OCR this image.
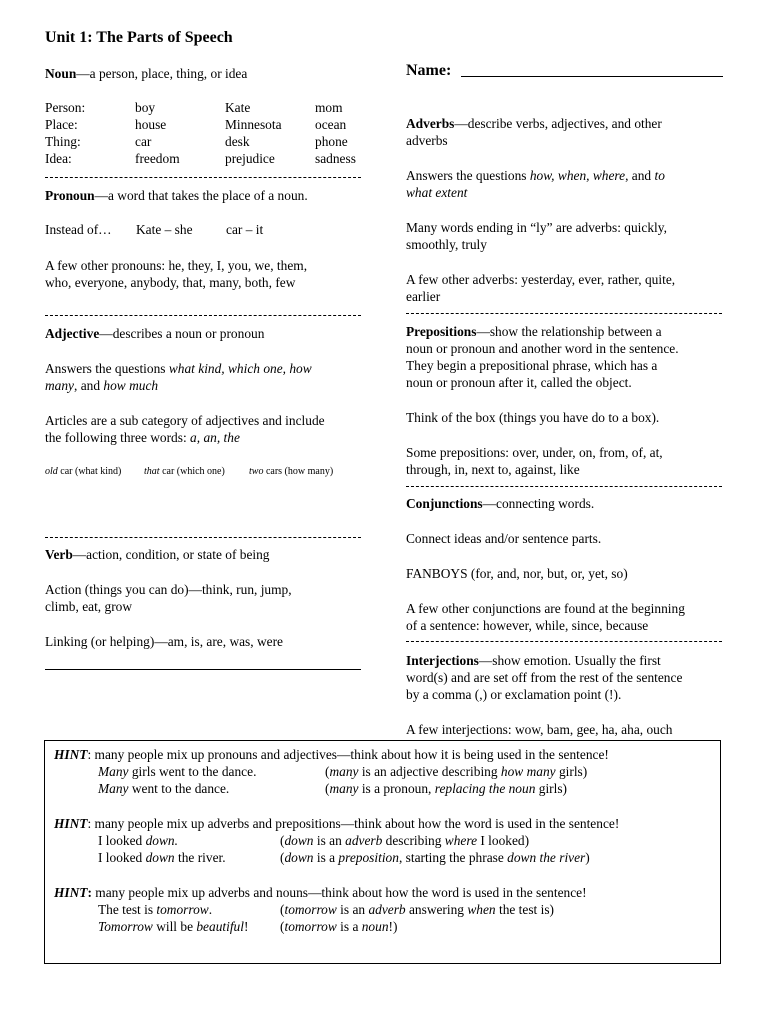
Unit 1: The Parts of Speech

Noun—a person, place, thing, or idea

Person:	boy	Kate	mom
Place:	house	Minnesota	ocean
Thing:	car	desk	phone
Idea:	freedom	prejudice	sadness

Pronoun—a word that takes the place of a noun.

Instead of… Kate – she car – it

A few other pronouns: he, they, I, you, we, them,

who, everyone, anybody, that, many, both, few

Adjective—describes a noun or pronoun

Answers the questions what kind, which one, how

many, and how much

Articles are a sub category of adjectives and include

the following three words: a, an, the

old car (what kind) that car (which one) two cars (how many)

Verb—action, condition, or state of being

Action (things you can do)—think, run, jump,

climb, eat, grow

Linking (or helping)—am, is, are, was, were

Name:

Adverbs—describe verbs, adjectives, and other

adverbs

Answers the questions how, when, where, and to

what extent

Many words ending in “ly” are adverbs: quickly,

smoothly, truly

A few other adverbs: yesterday, ever, rather, quite,

earlier

Prepositions—show the relationship between a

noun or pronoun and another word in the sentence.

They begin a prepositional phrase, which has a

noun or pronoun after it, called the object.

Think of the box (things you have do to a box).

Some prepositions: over, under, on, from, of, at,

through, in, next to, against, like

Conjunctions—connecting words.

Connect ideas and/or sentence parts.

FANBOYS (for, and, nor, but, or, yet, so)

A few other conjunctions are found at the beginning

of a sentence: however, while, since, because

Interjections—show emotion. Usually the first

word(s) and are set off from the rest of the sentence

by a comma (,) or exclamation point (!).

A few interjections: wow, bam, gee, ha, aha, ouch

HINT: many people mix up pronouns and adjectives—think about how it is being used in the sentence!

Many girls went to the dance.	(many is an adjective describing how many girls)

Many went to the dance.	(many is a pronoun, replacing the noun girls)

HINT: many people mix up adverbs and prepositions—think about how the word is used in the sentence!

I looked down.	(down is an adverb describing where I looked)

I looked down the river.	(down is a preposition, starting the phrase down the river)

HINT: many people mix up adverbs and nouns—think about how the word is used in the sentence!

The test is tomorrow.	(tomorrow is an adverb answering when the test is)

Tomorrow will be beautiful! (tomorrow is a noun!)
